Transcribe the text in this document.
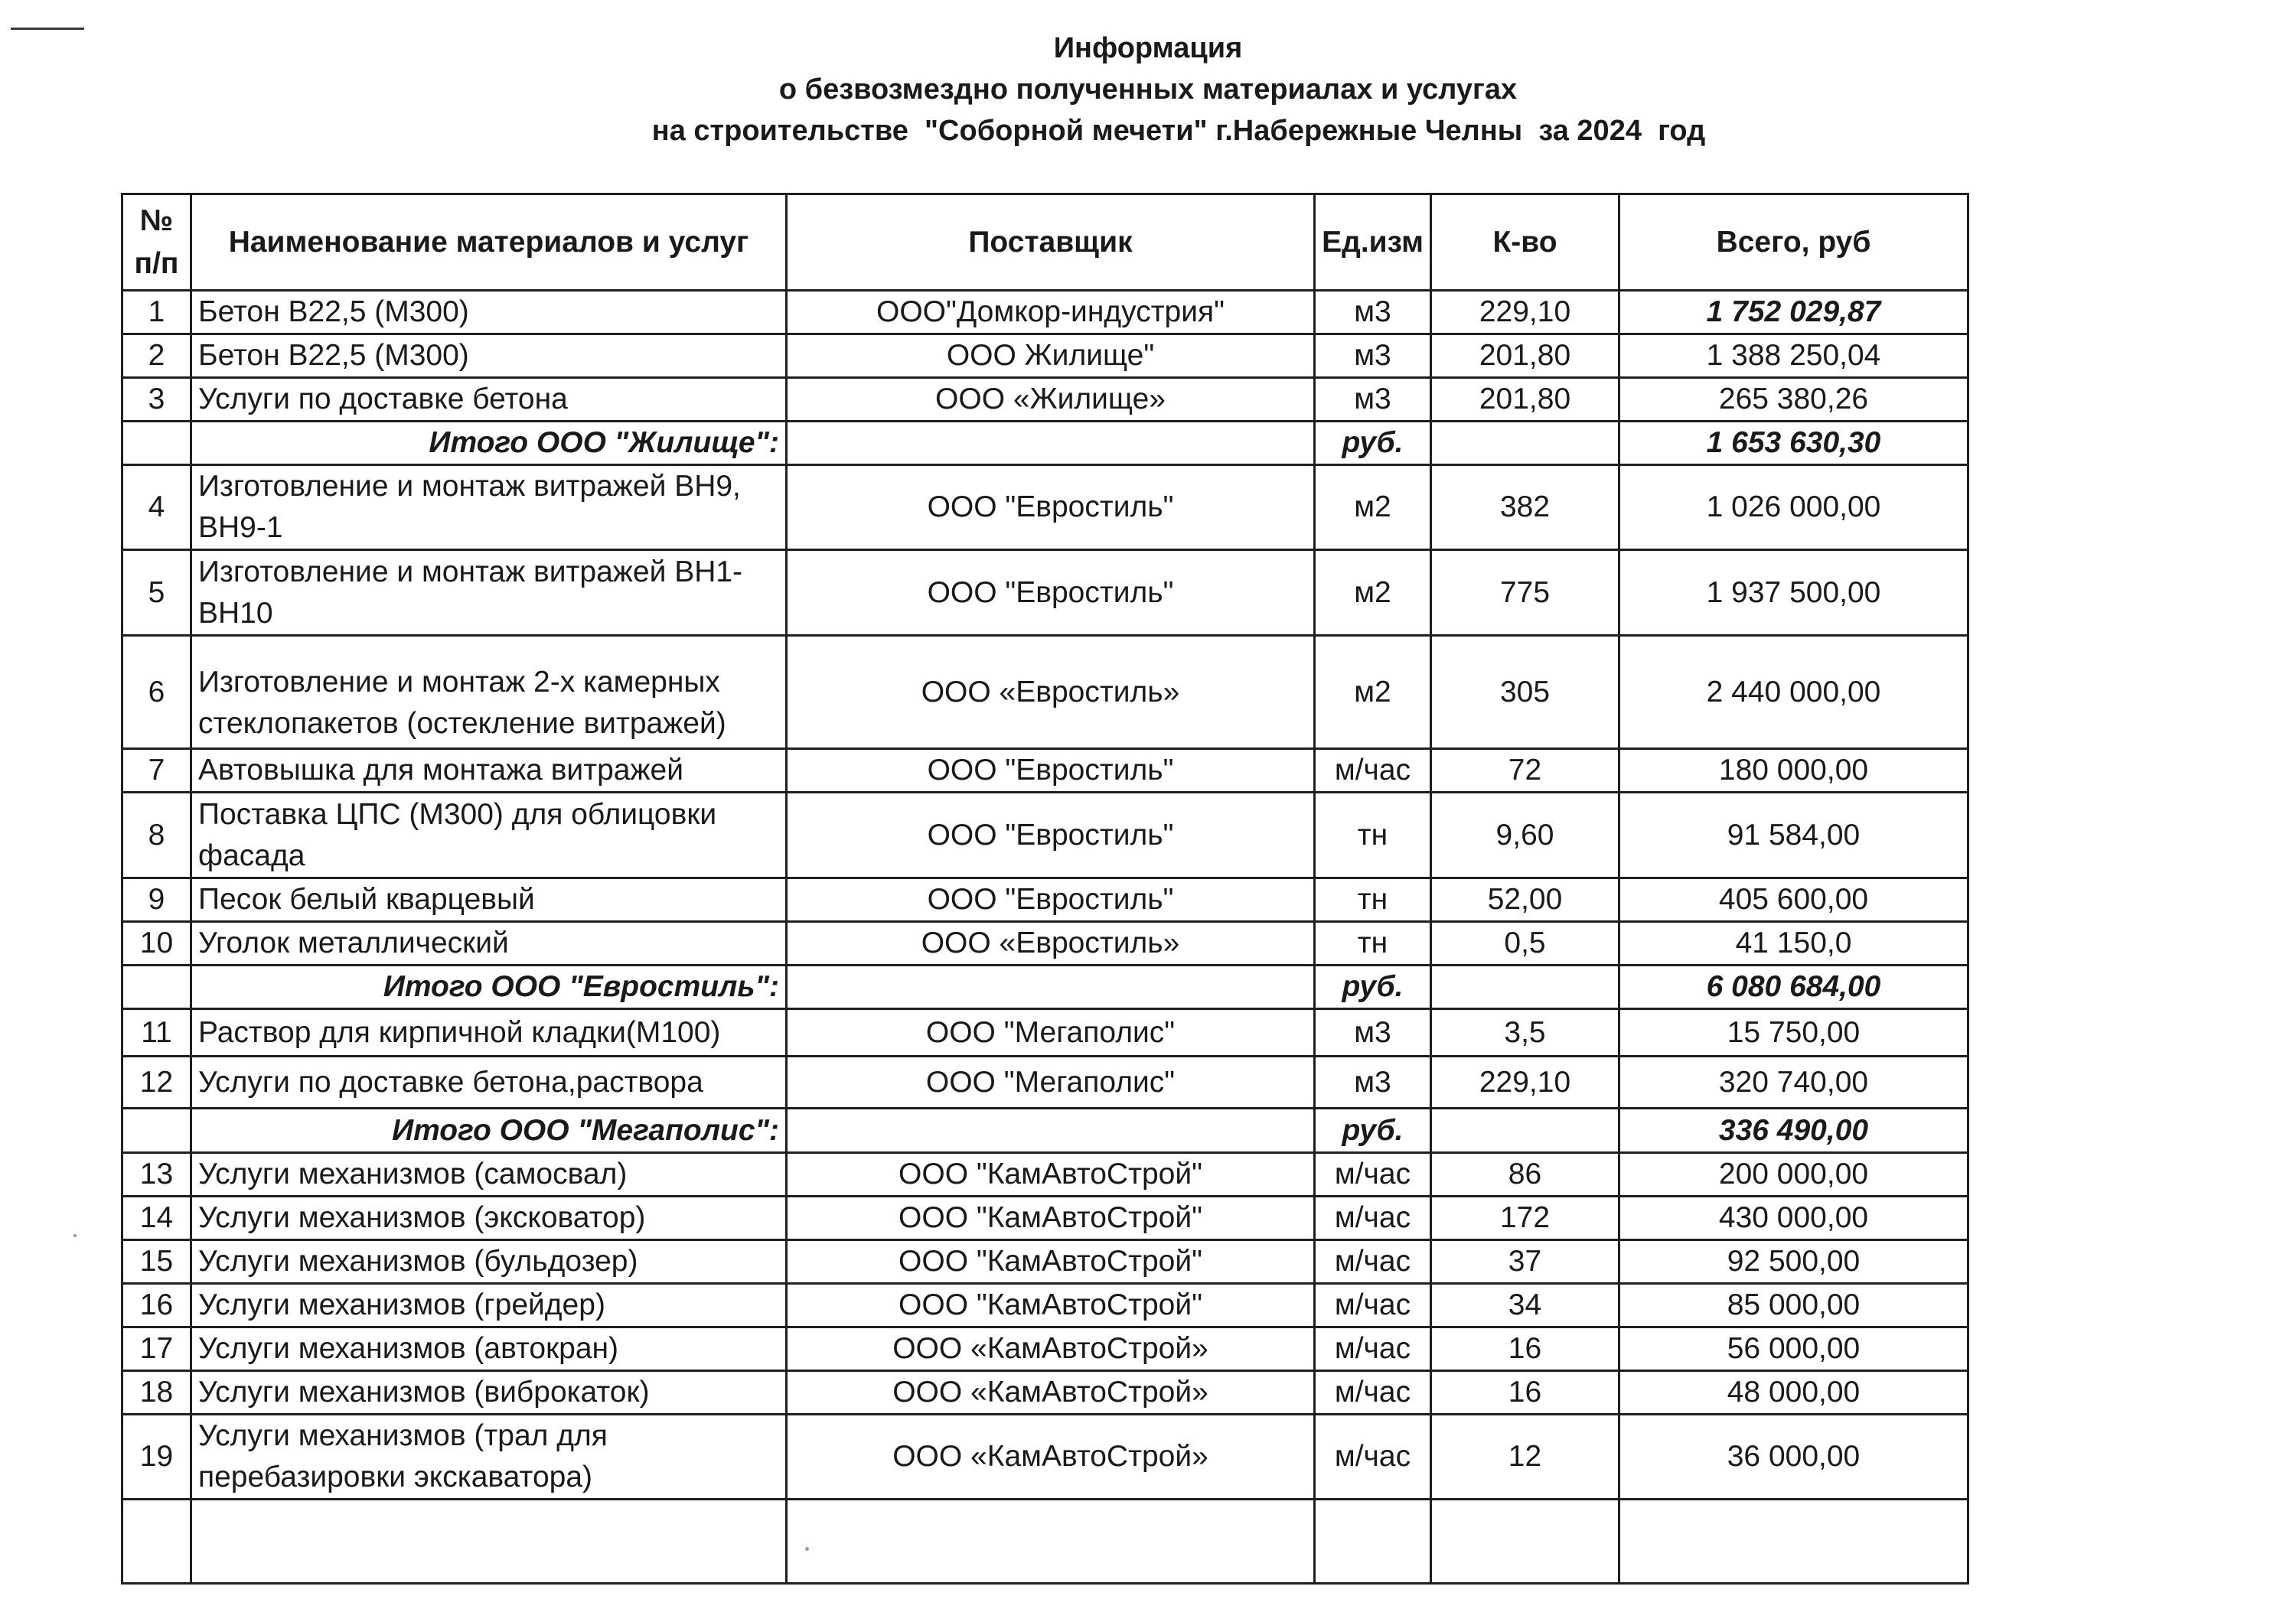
Информация
о безвозмездно полученных материалах и услугах
на строительстве  "Соборной мечети" г.Набережные Челны  за 2024  год
№ п/п	Наименование материалов и услуг	Поставщик	Ед.изм	К-во	Всего, руб
1	Бетон В22,5 (М300)	ООО"Домкор-индустрия"	м3	229,10	1 752 029,87
2	Бетон В22,5 (М300)	ООО Жилище"	м3	201,80	1 388 250,04
3	Услуги по доставке бетона	ООО «Жилище»	м3	201,80	265 380,26
	Итого ООО "Жилище":		руб.		1 653 630,30
4	Изготовление и монтаж витражей ВН9, ВН9-1	ООО "Евростиль"	м2	382	1 026 000,00
5	Изготовление и монтаж витражей ВН1-ВН10	ООО "Евростиль"	м2	775	1 937 500,00
6	Изготовление и монтаж 2-х камерных стеклопакетов (остекление витражей)	ООО «Евростиль»	м2	305	2 440 000,00
7	Автовышка для монтажа витражей	ООО "Евростиль"	м/час	72	180 000,00
8	Поставка ЦПС (М300) для облицовки фасада	ООО "Евростиль"	тн	9,60	91 584,00
9	Песок белый кварцевый	ООО "Евростиль"	тн	52,00	405 600,00
10	Уголок металлический	ООО «Евростиль»	тн	0,5	41 150,0
	Итого ООО "Евростиль":		руб.		6 080 684,00
11	Раствор для кирпичной кладки(М100)	ООО "Мегаполис"	м3	3,5	15 750,00
12	Услуги по доставке бетона,раствора	ООО "Мегаполис"	м3	229,10	320 740,00
	Итого ООО "Мегаполис":		руб.		336 490,00
13	Услуги механизмов (самосвал)	ООО "КамАвтоСтрой"	м/час	86	200 000,00
14	Услуги механизмов (эксковатор)	ООО "КамАвтоСтрой"	м/час	172	430 000,00
15	Услуги механизмов (бульдозер)	ООО "КамАвтоСтрой"	м/час	37	92 500,00
16	Услуги механизмов (грейдер)	ООО "КамАвтоСтрой"	м/час	34	85 000,00
17	Услуги механизмов (автокран)	ООО «КамАвтоСтрой»	м/час	16	56 000,00
18	Услуги механизмов (виброкаток)	ООО «КамАвтоСтрой»	м/час	16	48 000,00
19	Услуги механизмов (трал для перебазировки экскаватора)	ООО «КамАвтоСтрой»	м/час	12	36 000,00
